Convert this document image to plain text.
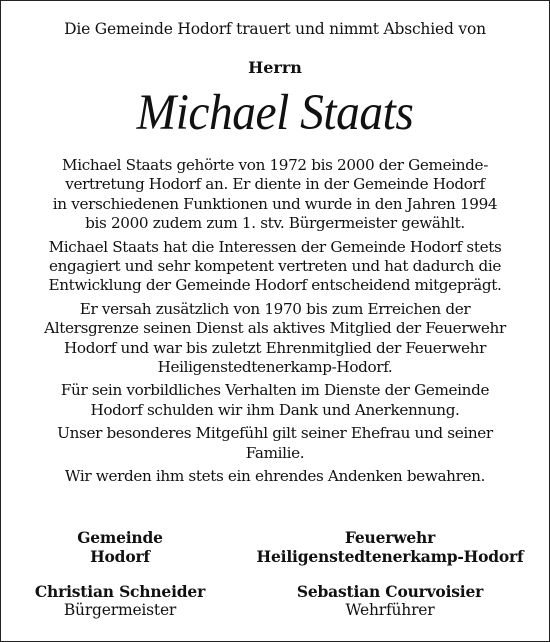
Die Gemeinde Hodorf trauert und nimmt Abschied von
Herrn
Michael Staats

Michael Staats gehörte von 1972 bis 2000 der Gemeinde-
vertretung Hodorf an. Er diente in der Gemeinde Hodorf
in verschiedenen Funktionen und wurde in den Jahren 1994
bis 2000 zudem zum 1. stv. Bürgermeister gewählt.

Michael Staats hat die Interessen der Gemeinde Hodorf stets
engagiert und sehr kompetent vertreten und hat dadurch die
Entwicklung der Gemeinde Hodorf entscheidend mitgeprägt.

Er versah zusätzlich von 1970 bis zum Erreichen der
Altersgrenze seinen Dienst als aktives Mitglied der Feuerwehr
Hodorf und war bis zuletzt Ehrenmitglied der Feuerwehr
Heiligenstedtenerkamp-Hodorf.

Für sein vorbildliches Verhalten im Dienste der Gemeinde
Hodorf schulden wir ihm Dank und Anerkennung.

Unser besonderes Mitgefühl gilt seiner Ehefrau und seiner
Familie.

Wir werden ihm stets ein ehrendes Andenken bewahren.

Gemeinde
Hodorf
Feuerwehr
Heiligenstedtenerkamp-Hodorf
Christian Schneider
Bürgermeister
Sebastian Courvoisier
Wehrführer
